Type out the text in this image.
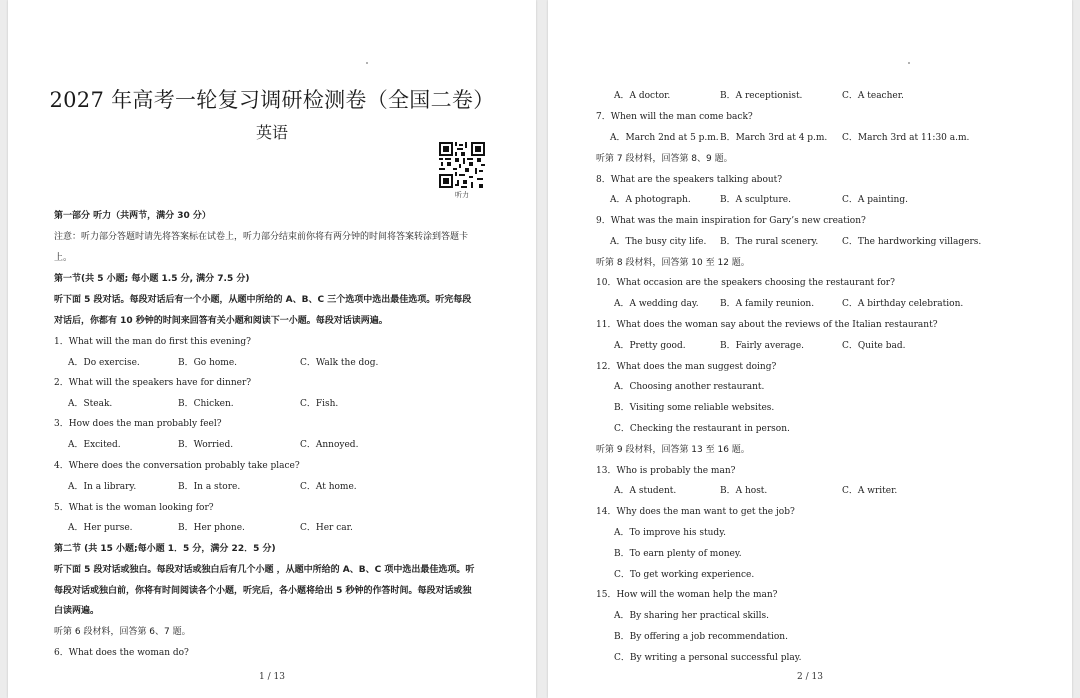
2027 年高考一轮复习调研检测卷（全国二卷）
英语
听力
第一部分 听力（共两节，满分 30 分）
注意：听力部分答题时请先将答案标在试卷上，听力部分结束前你将有两分钟的时间将答案转涂到答题卡
上。
第一节(共 5 小题; 每小题 1.5 分, 满分 7.5 分)
听下面 5 段对话。每段对话后有一个小题，从题中所给的 A、B、C 三个选项中选出最佳选项。听完每段
对话后，你都有 10 秒钟的时间来回答有关小题和阅读下一小题。每段对话读两遍。
1．What will the man do first this evening?
A．Do exercise.	B．Go home.	C．Walk the dog.
2．What will the speakers have for dinner?
A．Steak.	B．Chicken.	C．Fish.
3．How does the man probably feel?
A．Excited.	B．Worried.	C．Annoyed.
4．Where does the conversation probably take place?
A．In a library.	B．In a store.	C．At home.
5．What is the woman looking for?
A．Her purse.	B．Her phone.	C．Her car.
第二节 (共 15 小题;每小题 1．5 分，满分 22．5 分)
听下面 5 段对话或独白。每段对话或独白后有几个小题 ，从题中所给的 A、B、C 项中选出最佳选项。听
每段对话或独白前，你将有时间阅读各个小题，听完后，各小题将给出 5 秒钟的作答时间。每段对话或独
白读两遍。
听第 6 段材料，回答第 6、7 题。
6．What does the woman do?
1 / 13
A．A doctor.	B．A receptionist.	C．A teacher.
7．When will the man come back?
A．March 2nd at 5 p.m. B．March 3rd at 4 p.m. C．March 3rd at 11:30 a.m.
听第 7 段材料，回答第 8、9 题。
8．What are the speakers talking about?
A．A photograph.	B．A sculpture.	C．A painting.
9．What was the main inspiration for Gary’s new creation?
A．The busy city life. B．The rural scenery.	C．The hardworking villagers.
听第 8 段材料，回答第 10 至 12 题。
10．What occasion are the speakers choosing the restaurant for?
A．A wedding day. B．A family reunion.	C．A birthday celebration.
11．What does the woman say about the reviews of the Italian restaurant?
A．Pretty good.	B．Fairly average.	C．Quite bad.
12．What does the man suggest doing?
A．Choosing another restaurant.
B．Visiting some reliable websites.
C．Checking the restaurant in person.
听第 9 段材料，回答第 13 至 16 题。
13．Who is probably the man?
A．A student.	B．A host.	C．A writer.
14．Why does the man want to get the job?
A．To improve his study.
B．To earn plenty of money.
C．To get working experience.
15．How will the woman help the man?
A．By sharing her practical skills.
B．By offering a job recommendation.
C．By writing a personal successful play.
2 / 13
